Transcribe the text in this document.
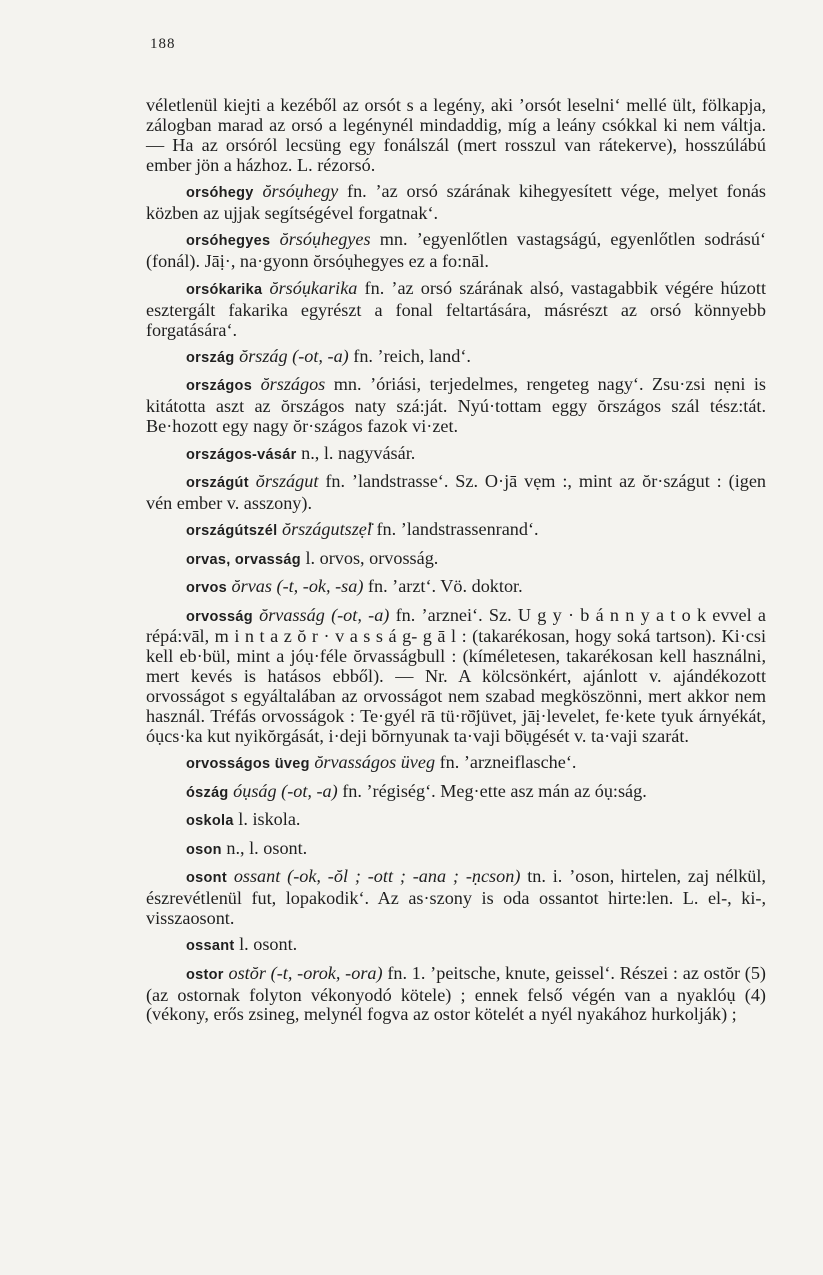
188

véletlenül kiejti a kezéből az orsót s a legény, aki ’orsót leselni‘ mellé ült, fölkapja, zálogban marad az orsó a legénynél mindaddig, míg a leány csókkal ki nem váltja. — Ha az orsóról lecsüng egy fonálszál (mert rosszul van rátekerve), hosszúlábú ember jön a házhoz. L. rézorsó.

orsóhegy ŏrsóụhegy fn. ’az orsó szárának kihegyesített vége, melyet fonás közben az ujjak segítségével forgatnak‘.

orsóhegyes ŏrsóụhegyes mn. ’egyenlőtlen vastagságú, egyenlőtlen sodrású‘ (fonál). Jāị·, na·gyonn ŏrsóụhegyes ez a fo:nāl.

orsókarika ŏrsóụkarika fn. ’az orsó szárának alsó, vastagabbik végére húzott esztergált fakarika egyrészt a fonal feltartására, másrészt az orsó könnyebb forgatására‘.

ország ŏrszág (-ot, -a) fn. ’reich, land‘.

országos ŏrszágos mn. ’óriási, terjedelmes, rengeteg nagy‘. Zsu·zsi nẹni is kitátotta aszt az ŏrszágos naty szá:ját. Nyú·tottam eggy ŏrszágos szál tész:tát. Be·hozott egy nagy ŏr·szágos fazok vi·zet.

országos-vásár n., l. nagyvásár.

országút ŏrszágut fn. ’landstrasse‘. Sz. O·jā vẹm :, mint az ŏr·szágut : (igen vén ember v. asszony).

országútszél ŏrszágutszẹ̈l fn. ’landstrassenrand‘.

orvas, orvasság l. orvos, orvosság.

orvos ŏrvas (-t, -ok, -sa) fn. ’arzt‘. Vö. doktor.

orvosság ŏrvasság (-ot, -a) fn. ’arznei‘. Sz. U g y · b á n n y a t o k evvel a répá:vāl, m i n t a z ŏ r · v a s s á g- g ā l : (takarékosan, hogy soká tartson). Ki·csi kell eb·bül, mint a jóụ·féle ŏrvasságbull : (kíméletesen, takarékosan kell használni, mert kevés is hatásos ebből). — Nr. A kölcsönkért, ajánlott v. ajándékozott orvosságot s egyáltalában az orvosságot nem szabad megköszönni, mert akkor nem használ. Tréfás orvosságok : Te·gyél rā tü·rŏ̈jüvet, jāị·levelet, fe·kete tyuk árnyékát, óụcs·ka kut nyikŏrgását, i·deji bŏrnyunak ta·vaji bŏ̈ụgését v. ta·vaji szarát.

orvosságos üveg ŏrvasságos üveg fn. ’arzneiflasche‘.

ószág óụság (-ot, -a) fn. ’régiség‘. Meg·ette asz mán az óụ:ság.

oskola l. iskola.

oson n., l. osont.

osont ossant (-ok, -ŏl ; -ott ; -ana ; -ṇcson) tn. i. ’oson, hirtelen, zaj nélkül, észrevétlenül fut, lopakodik‘. Az as·szony is oda ossantot hirte:len. L. el-, ki-, visszaosont.

ossant l. osont.

ostor ostŏr (-t, -orok, -ora) fn. 1. ’peitsche, knute, geissel‘. Részei : az ostŏr (5) (az ostornak folyton vékonyodó kötele) ; ennek felső végén van a nyaklóụ (4) (vékony, erős zsineg, melynél fogva az ostor kötelét a nyél nyakához hurkolják) ;
